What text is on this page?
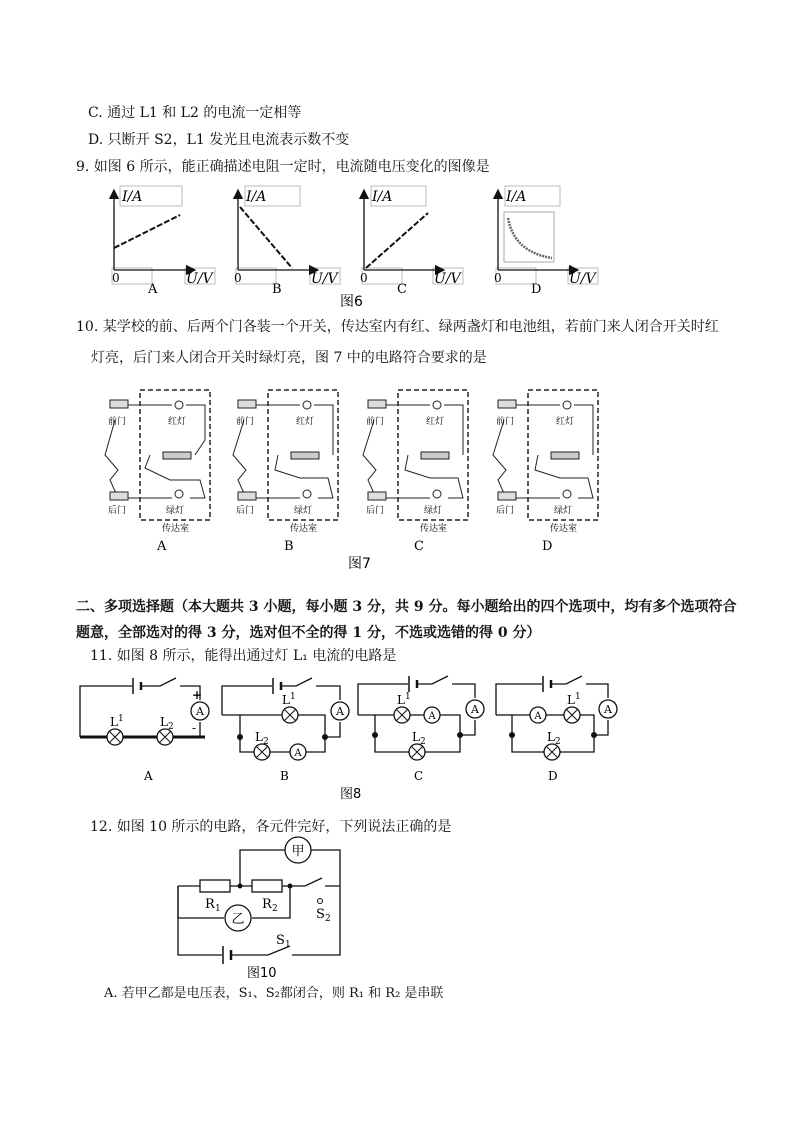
C. 通过 L1 和 L2 的电流一定相等
D. 只断开 S2，L1 发光且电流表示数不变
9. 如图 6 所示，能正确描述电阻一定时，电流随电压变化的图像是
I/A
U/V
0
A
I/A
U/V
0
B
I/A
U/V
0
C
I/A
U/V
0
D
图6
10. 某学校的前、后两个门各装一个开关，传达室内有红、绿两盏灯和电池组，若前门来人闭合开关时红
灯亮，后门来人闭合开关时绿灯亮，图 7 中的电路符合要求的是
前门
后门
红灯
绿灯
传达室
A
前门
后门
红灯
绿灯
传达室
B
前门
后门
红灯
绿灯
传达室
C
前门
后门
红灯
绿灯
传达室
D
图7
二、多项选择题（本大题共 3 小题，每小题 3 分，共 9 分。每小题给出的四个选项中，均有多个选项符合
题意，全部选对的得 3 分，选对但不全的得 1 分，不选或选错的得 0 分）
11. 如图 8 所示，能得出通过灯 L₁ 电流的电路是
A
+
-
L 1	L 2
A
A
A
L 1
L 2
B
A
A
L 1
L 2
C
A
A
L 1
L 2
D
图8
12. 如图 10 所示的电路，各元件完好，下列说法正确的是
甲
乙
R 1	R 2	S 2
S 1
图10
A. 若甲乙都是电压表，S₁、S₂都闭合，则 R₁ 和 R₂ 是串联
